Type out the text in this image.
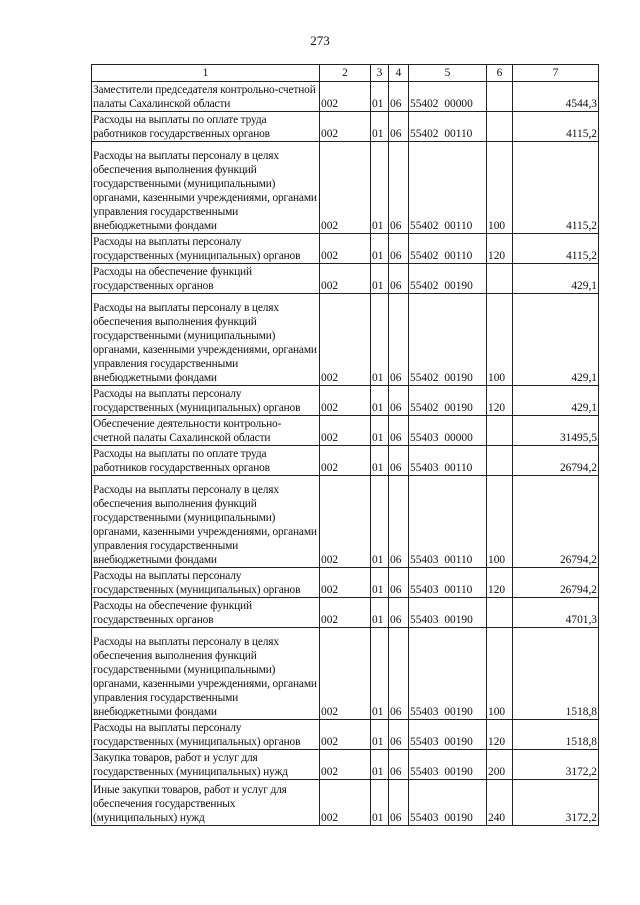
273
1	2	3	4	5	6	7
Заместители председателя контрольно-счетной палаты Сахалинской области	002	01	06	55402 00000		4544,3
Расходы на выплаты по оплате труда работников государственных органов	002	01	06	55402 00110		4115,2
Расходы на выплаты персоналу в целях обеспечения выполнения функций государственными (муниципальными) органами, казенными учреждениями, органами управления государственными внебюджетными фондами	002	01	06	55402 00110	100	4115,2
Расходы на выплаты персоналу государственных (муниципальных) органов	002	01	06	55402 00110	120	4115,2
Расходы на обеспечение функций государственных органов	002	01	06	55402 00190		429,1
Расходы на выплаты персоналу в целях обеспечения выполнения функций государственными (муниципальными) органами, казенными учреждениями, органами управления государственными внебюджетными фондами	002	01	06	55402 00190	100	429,1
Расходы на выплаты персоналу государственных (муниципальных) органов	002	01	06	55402 00190	120	429,1
Обеспечение деятельности контрольно-счетной палаты Сахалинской области	002	01	06	55403 00000		31495,5
Расходы на выплаты по оплате труда работников государственных органов	002	01	06	55403 00110		26794,2
Расходы на выплаты персоналу в целях обеспечения выполнения функций государственными (муниципальными) органами, казенными учреждениями, органами управления государственными внебюджетными фондами	002	01	06	55403 00110	100	26794,2
Расходы на выплаты персоналу государственных (муниципальных) органов	002	01	06	55403 00110	120	26794,2
Расходы на обеспечение функций государственных органов	002	01	06	55403 00190		4701,3
Расходы на выплаты персоналу в целях обеспечения выполнения функций государственными (муниципальными) органами, казенными учреждениями, органами управления государственными внебюджетными фондами	002	01	06	55403 00190	100	1518,8
Расходы на выплаты персоналу государственных (муниципальных) органов	002	01	06	55403 00190	120	1518,8
Закупка товаров, работ и услуг для государственных (муниципальных) нужд	002	01	06	55403 00190	200	3172,2
Иные закупки товаров, работ и услуг для обеспечения государственных (муниципальных) нужд	002	01	06	55403 00190	240	3172,2
